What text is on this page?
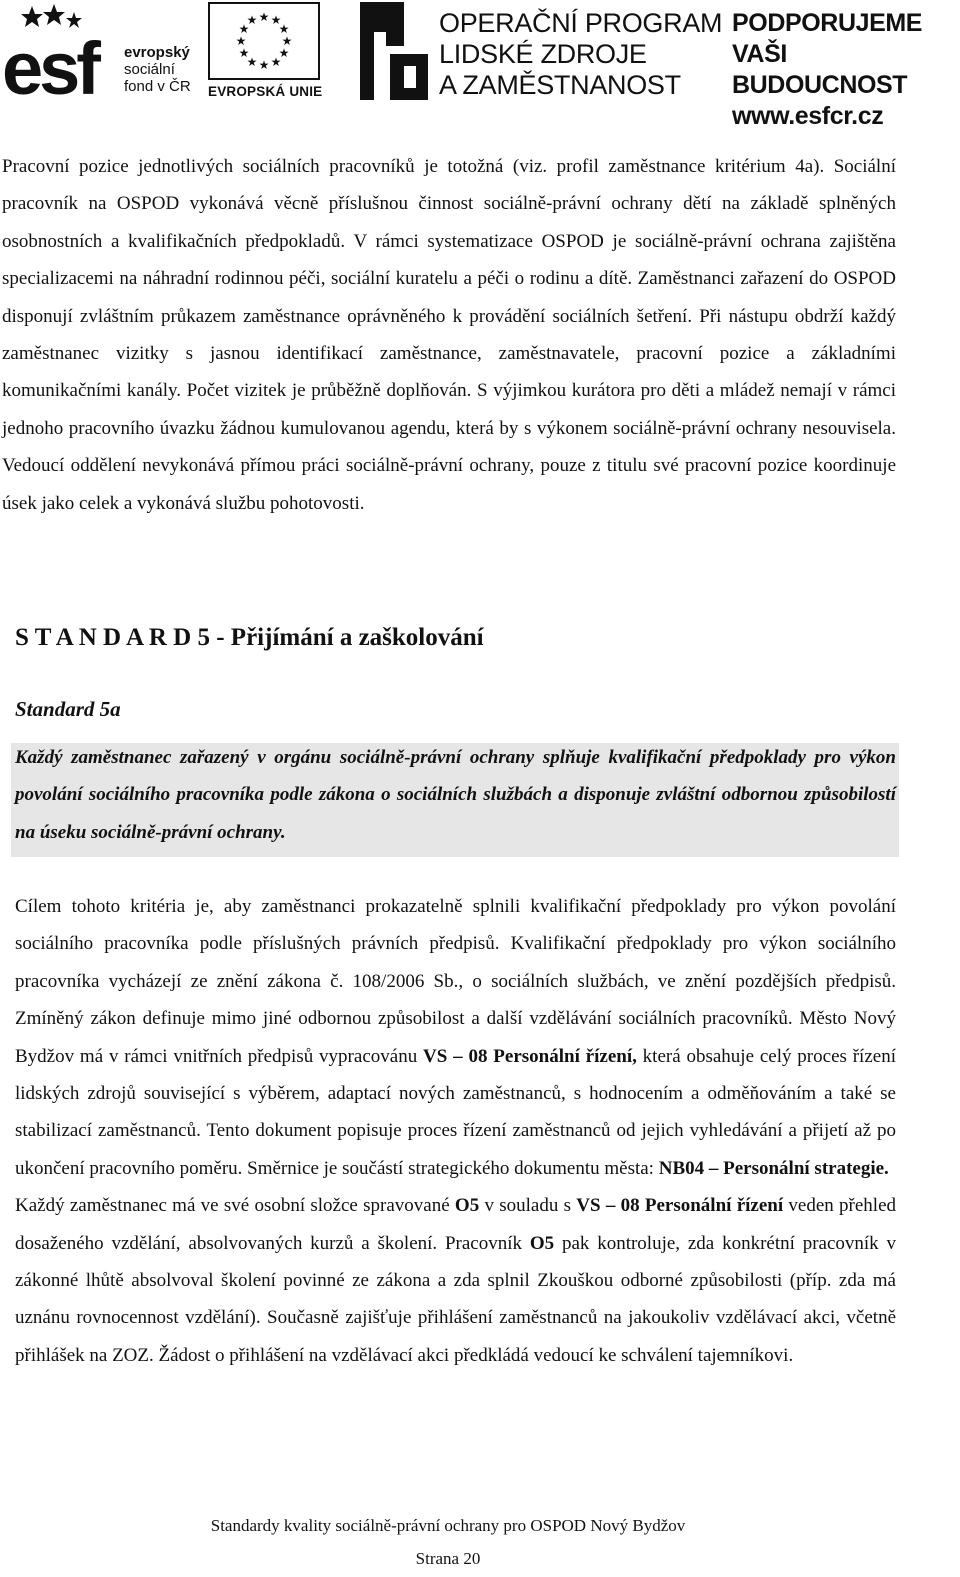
esf evropský
sociální
fond v ČR
★ ★
★
★
★
★
★
★
★
★
★
★
EVROPSKÁ UNIE
OPERAČNÍ PROGRAM
LIDSKÉ ZDROJE
A ZAMĚSTNANOST
PODPORUJEME
VAŠI BUDOUCNOST
www.esfcr.cz

Pracovní pozice jednotlivých sociálních pracovníků je totožná (viz. profil zaměstnance kritérium 4a). Sociální pracovník na OSPOD vykonává věcně příslušnou činnost sociálně-právní ochrany dětí na základě splněných osobnostních a kvalifikačních předpokladů. V rámci systematizace OSPOD je sociálně-právní ochrana zajištěna specializacemi na náhradní rodinnou péči, sociální kuratelu a péči o rodinu a dítě. Zaměstnanci zařazení do OSPOD disponují zvláštním průkazem zaměstnance oprávněného k provádění sociálních šetření. Při nástupu obdrží každý zaměstnanec vizitky s jasnou identifikací zaměstnance, zaměstnavatele, pracovní pozice a základními komunikačními kanály. Počet vizitek je průběžně doplňován. S výjimkou kurátora pro děti a mládež nemají v rámci jednoho pracovního úvazku žádnou kumulovanou agendu, která by s výkonem sociálně-právní ochrany nesouvisela. Vedoucí oddělení nevykonává přímou práci sociálně-právní ochrany, pouze z titulu své pracovní pozice koordinuje úsek jako celek a vykonává službu pohotovosti.

S T A N D A R D 5 - Přijímání a zaškolování
Standard 5a

Každý zaměstnanec zařazený v orgánu sociálně-právní ochrany splňuje kvalifikační předpoklady pro výkon povolání sociálního pracovníka podle zákona o sociálních službách a disponuje zvláštní odbornou způsobilostí na úseku sociálně-právní ochrany.

Cílem tohoto kritéria je, aby zaměstnanci prokazatelně splnili kvalifikační předpoklady pro výkon povolání sociálního pracovníka podle příslušných právních předpisů. Kvalifikační předpoklady pro výkon sociálního pracovníka vycházejí ze znění zákona č. 108/2006 Sb., o sociálních službách, ve znění pozdějších předpisů. Zmíněný zákon definuje mimo jiné odbornou způsobilost a další vzdělávání sociálních pracovníků. Město Nový Bydžov má v rámci vnitřních předpisů vypracovánu VS – 08 Personální řízení, která obsahuje celý proces řízení lidských zdrojů související s výběrem, adaptací nových zaměstnanců, s hodnocením a odměňováním a také se stabilizací zaměstnanců. Tento dokument popisuje proces řízení zaměstnanců od jejich vyhledávání a přijetí až po ukončení pracovního poměru. Směrnice je součástí strategického dokumentu města: NB04 – Personální strategie.
Každý zaměstnanec má ve své osobní složce spravované O5 v souladu s VS – 08 Personální řízení veden přehled dosaženého vzdělání, absolvovaných kurzů a školení. Pracovník O5 pak kontroluje, zda konkrétní pracovník v zákonné lhůtě absolvoval školení povinné ze zákona a zda splnil Zkouškou odborné způsobilosti (příp. zda má uznánu rovnocennost vzdělání). Současně zajišťuje přihlášení zaměstnanců na jakoukoliv vzdělávací akci, včetně přihlášek na ZOZ. Žádost o přihlášení na vzdělávací akci předkládá vedoucí ke schválení tajemníkovi.

Standardy kvality sociálně-právní ochrany pro OSPOD Nový Bydžov
Strana 20
